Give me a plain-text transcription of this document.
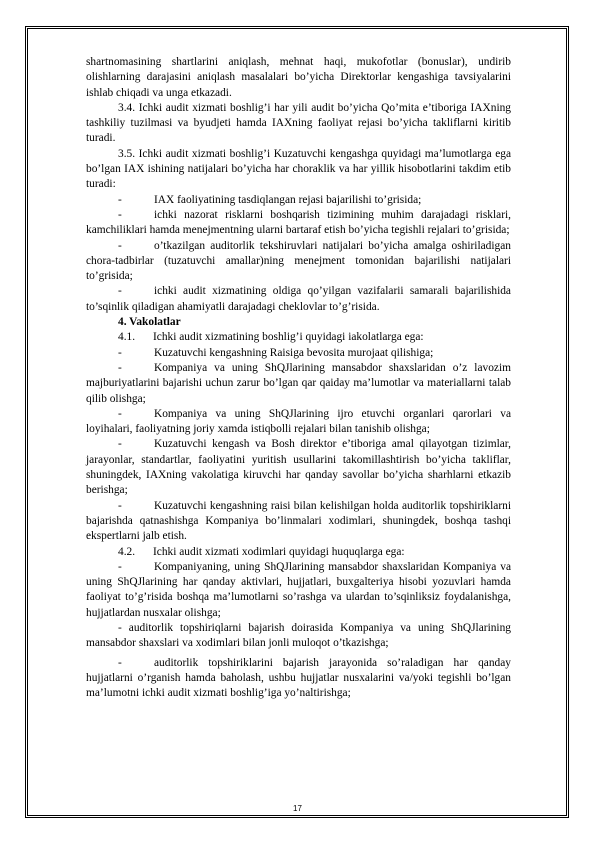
shartnomasining shartlarini aniqlash, mehnat haqi, mukofotlar (bonuslar), undirib olishlarning darajasini aniqlash masalalari bo’yicha Direktorlar kengashiga tavsiyalarini ishlab chiqadi va unga etkazadi.

3.4. Ichki audit xizmati boshlig’i har yili audit bo’yicha Qo’mita e’tiboriga IAXning tashkiliy tuzilmasi va byudjeti hamda IAXning faoliyat rejasi bo’yicha takliflarni kiritib turadi.

3.5. Ichki audit xizmati boshlig’i Kuzatuvchi kengashga quyidagi ma’lumotlarga ega bo’lgan IAX ishining natijalari bo’yicha har choraklik va har yillik hisobotlarini takdim etib turadi:

-	IAX faoliyatining tasdiqlangan rejasi bajarilishi to’grisida;

-	ichki nazorat risklarni boshqarish tizimining muhim darajadagi risklari, kamchiliklari hamda menejmentning ularni bartaraf etish bo’yicha tegishli rejalari to’grisida;

-	o’tkazilgan auditorlik tekshiruvlari natijalari bo’yicha amalga oshiriladigan chora-tadbirlar (tuzatuvchi amallar)ning menejment tomonidan bajarilishi natijalari to’grisida;

-	ichki audit xizmatining oldiga qo’yilgan vazifalarii samarali bajarilishida to’sqinlik qiladigan ahamiyatli darajadagi cheklovlar to’g’risida.

4. Vakolatlar

4.1. Ichki audit xizmatining boshlig’i quyidagi iakolatlarga ega:

-	Kuzatuvchi kengashning Raisiga bevosita murojaat qilishiga;

-	Kompaniya va uning ShQJlarining mansabdor shaxslaridan o’z lavozim majburiyatlarini bajarishi uchun zarur bo’lgan qar qaiday ma’lumotlar va materiallarni talab qilib olishga;

-	Kompaniya va uning ShQJlarining ijro etuvchi organlari qarorlari va loyihalari, faoliyatning joriy xamda istiqbolli rejalari bilan tanishib olishga;

-	Kuzatuvchi kengash va Bosh direktor e’tiboriga amal qilayotgan tizimlar, jarayonlar, standartlar, faoliyatini yuritish usullarini takomillashtirish bo’yicha takliflar, shuningdek, IAXning vakolatiga kiruvchi har qanday savollar bo’yicha sharhlarni etkazib berishga;

-	Kuzatuvchi kengashning raisi bilan kelishilgan holda auditorlik topshiriklarni bajarishda qatnashishga Kompaniya bo’linmalari xodimlari, shuningdek, boshqa tashqi ekspertlarni jalb etish.

4.2. Ichki audit xizmati xodimlari quyidagi huquqlarga ega:

-	Kompaniyaning, uning ShQJlarining mansabdor shaxslaridan Kompaniya va uning ShQJlarining har qanday aktivlari, hujjatlari, buxgalteriya hisobi yozuvlari hamda faoliyat to’g’risida boshqa ma’lumotlarni so’rashga va ulardan to’sqinliksiz foydalanishga, hujjatlardan nusxalar olishga;

- auditorlik topshiriqlarni bajarish doirasida Kompaniya va uning ShQJlarining mansabdor shaxslari va xodimlari bilan jonli muloqot o’tkazishga;

-	auditorlik topshiriklarini bajarish jarayonida so’raladigan har qanday hujjatlarni o’rganish hamda baholash, ushbu hujjatlar nusxalarini va/yoki tegishli bo’lgan ma’lumotni ichki audit xizmati boshlig’iga yo’naltirishga;

17
